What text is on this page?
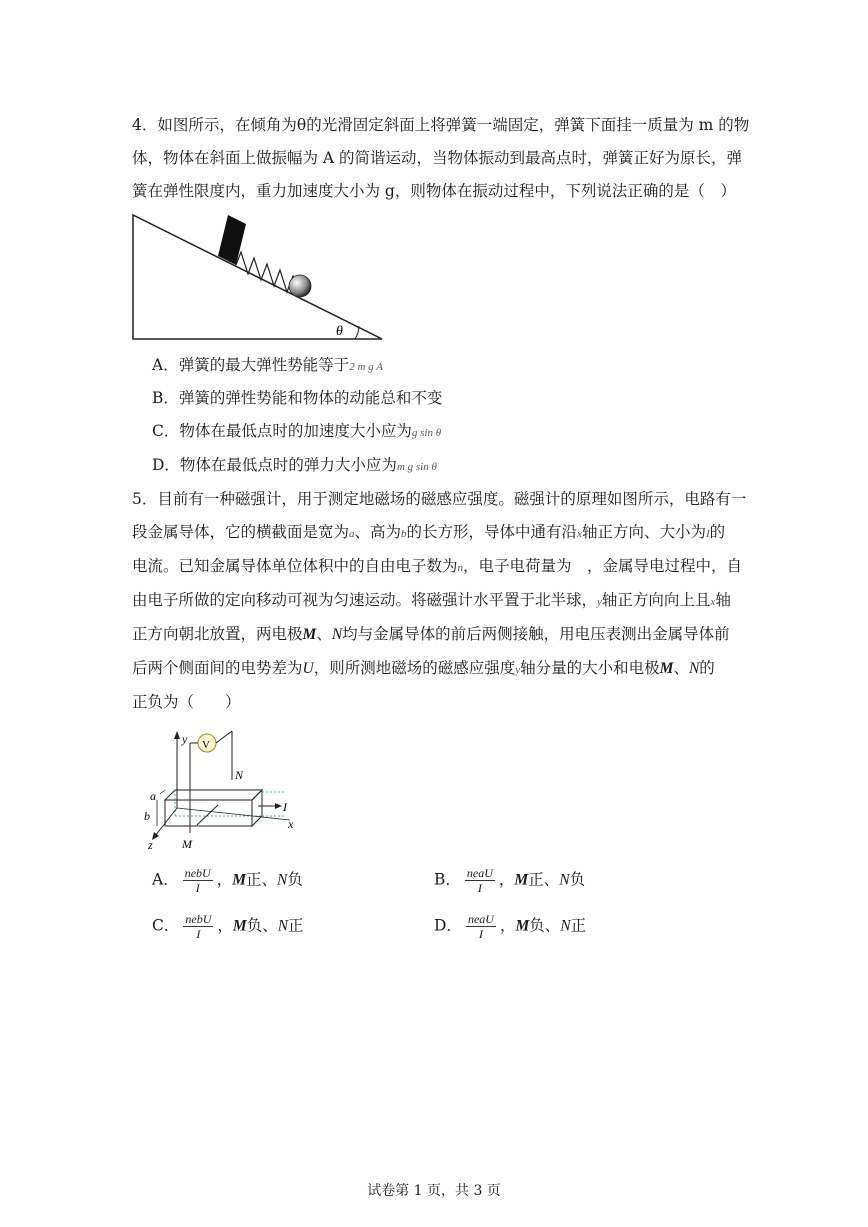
4．如图所示，在倾角为θ的光滑固定斜面上将弹簧一端固定，弹簧下面挂一质量为 m 的物
体，物体在斜面上做振幅为 A 的简谐运动，当物体振动到最高点时，弹簧正好为原长，弹
簧在弹性限度内，重力加速度大小为 g，则物体在振动过程中，下列说法正确的是（　）
θ
A．弹簧的最大弹性势能等于2 m g A
B．弹簧的弹性势能和物体的动能总和不变
C．物体在最低点时的加速度大小应为g sin θ
D．物体在最低点时的弹力大小应为m g sin θ
5．目前有一种磁强计，用于测定地磁场的磁感应强度。磁强计的原理如图所示，电路有一
段金属导体，它的横截面是宽为a、高为b的长方形，导体中通有沿x轴正方向、大小为I的
电流。已知金属导体单位体积中的自由电子数为n，电子电荷量为　，金属导电过程中，自
由电子所做的定向移动可视为匀速运动。将磁强计水平置于北半球，y轴正方向向上且x轴
正方向朝北放置，两电极M、N均与金属导体的前后两侧接触，用电压表测出金属导体前
后两个侧面间的电势差为U，则所测地磁场的磁感应强度y轴分量的大小和电极M、N的
正负为（　　）
y V
N
I
x
z
a
b
M
A． $\frac{\text{nebU}}{I}$ ，M正、N负	B． $\frac{\text{neaU}}{I}$ ，M正、N负
C． $\frac{\text{nebU}}{I}$ ，M负、N正	D． $\frac{\text{neaU}}{I}$ ，M负、N正
试卷第 1 页，共 3 页
